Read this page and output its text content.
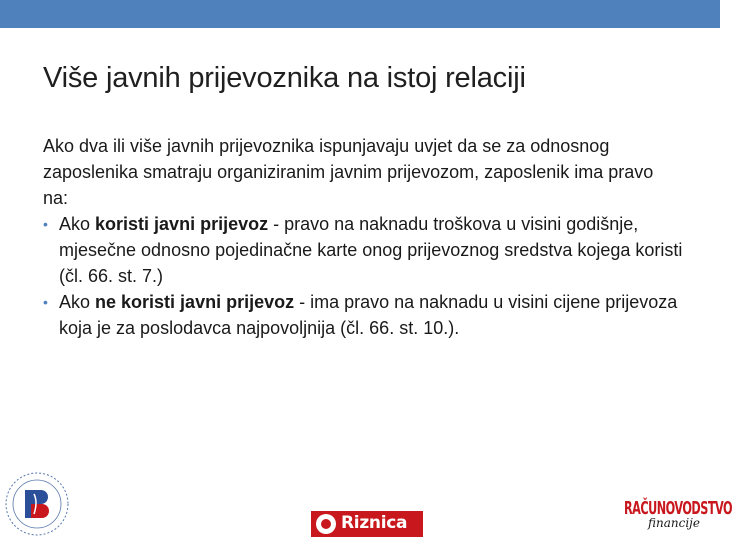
Više javnih prijevoznika na istoj relaciji

Ako dva ili više javnih prijevoznika ispunjavaju uvjet da se za odnosnog zaposlenika smatraju organiziranim javnim prijevozom, zaposlenik ima pravo na:

• Ako koristi javni prijevoz - pravo na naknadu troškova u visini godišnje, mjesečne odnosno pojedinačne karte onog prijevoznog sredstva kojega koristi (čl. 66. st. 7.)
• Ako ne koristi javni prijevoz - ima pravo na naknadu u visini cijene prijevoza koja je za poslodavca najpovoljnija (čl. 66. st. 10.).
Riznica
RAČUNOVODSTVO
financije
